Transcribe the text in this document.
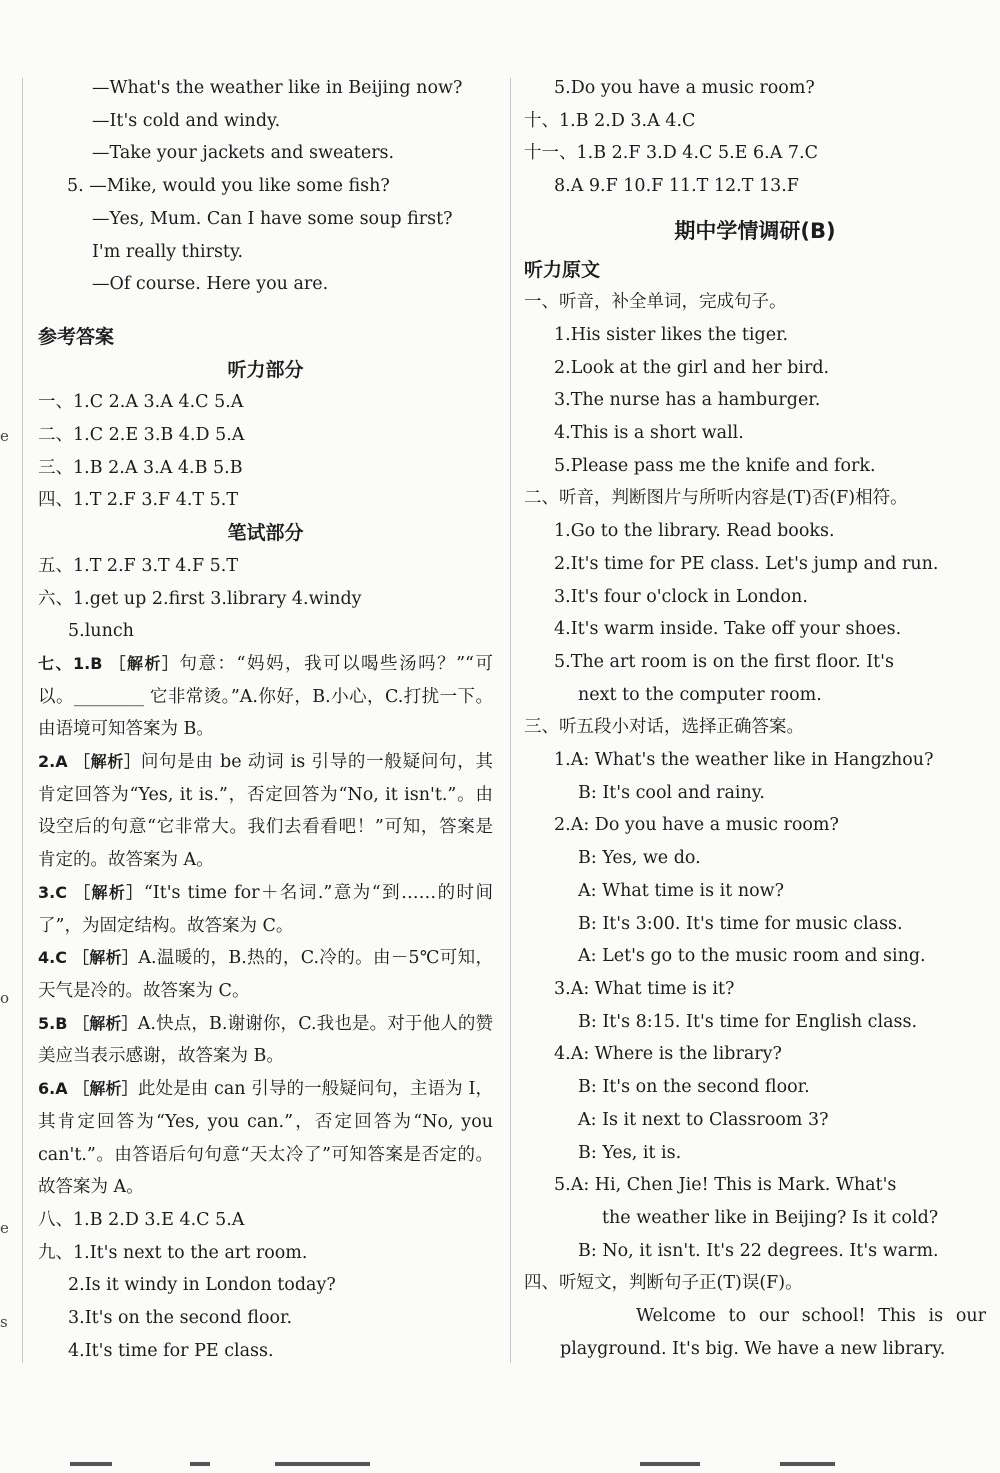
e
o
e
s
—What's the weather like in Beijing now?
—It's cold and windy.
—Take your jackets and sweaters.
5. —Mike, would you like some fish?
—Yes, Mum. Can I have some soup first?
I'm really thirsty.
—Of course. Here you are.
参考答案
听力部分
一、1.C 2.A 3.A 4.C 5.A
二、1.C 2.E 3.B 4.D 5.A
三、1.B 2.A 3.A 4.B 5.B
四、1.T 2.F 3.F 4.T 5.T
笔试部分
五、1.T 2.F 3.T 4.F 5.T
六、1.get up 2.first 3.library 4.windy
5.lunch
七、1.B ［解析］句意：“妈妈，我可以喝些汤吗？”“可以。________ 它非常烫。”A.你好，B.小心，C.打扰一下。由语境可知答案为 B。
2.A ［解析］问句是由 be 动词 is 引导的一般疑问句，其肯定回答为“Yes, it is.”，否定回答为“No, it isn't.”。由设空后的句意“它非常大。我们去看看吧！”可知，答案是肯定的。故答案为 A。
3.C ［解析］“It's time for＋名词.”意为“到……的时间了”，为固定结构。故答案为 C。
4.C ［解析］A.温暖的，B.热的，C.冷的。由－5℃可知，天气是冷的。故答案为 C。
5.B ［解析］A.快点，B.谢谢你，C.我也是。对于他人的赞美应当表示感谢，故答案为 B。
6.A ［解析］此处是由 can 引导的一般疑问句，主语为 I，其肯定回答为“Yes, you can.”，否定回答为“No, you can't.”。由答语后句句意“天太冷了”可知答案是否定的。故答案为 A。
八、1.B 2.D 3.E 4.C 5.A
九、1.It's next to the art room.
2.Is it windy in London today?
3.It's on the second floor.
4.It's time for PE class.
5.Do you have a music room?
十、1.B 2.D 3.A 4.C
十一、1.B 2.F 3.D 4.C 5.E 6.A 7.C
8.A 9.F 10.F 11.T 12.T 13.F
期中学情调研(B)
听力原文
一、听音，补全单词，完成句子。
1.His sister likes the tiger.
2.Look at the girl and her bird.
3.The nurse has a hamburger.
4.This is a short wall.
5.Please pass me the knife and fork.
二、听音，判断图片与所听内容是(T)否(F)相符。
1.Go to the library. Read books.
2.It's time for PE class. Let's jump and run.
3.It's four o'clock in London.
4.It's warm inside. Take off your shoes.
5.The art room is on the first floor. It's
next to the computer room.
三、听五段小对话，选择正确答案。
1.A: What's the weather like in Hangzhou?
B: It's cool and rainy.
2.A: Do you have a music room?
B: Yes, we do.
A: What time is it now?
B: It's 3:00. It's time for music class.
A: Let's go to the music room and sing.
3.A: What time is it?
B: It's 8:15. It's time for English class.
4.A: Where is the library?
B: It's on the second floor.
A: Is it next to Classroom 3?
B: Yes, it is.
5.A: Hi, Chen Jie! This is Mark. What's
the weather like in Beijing? Is it cold?
B: No, it isn't. It's 22 degrees. It's warm.
四、听短文，判断句子正(T)误(F)。
Welcome to our school! This is our playground. It's big. We have a new library.
